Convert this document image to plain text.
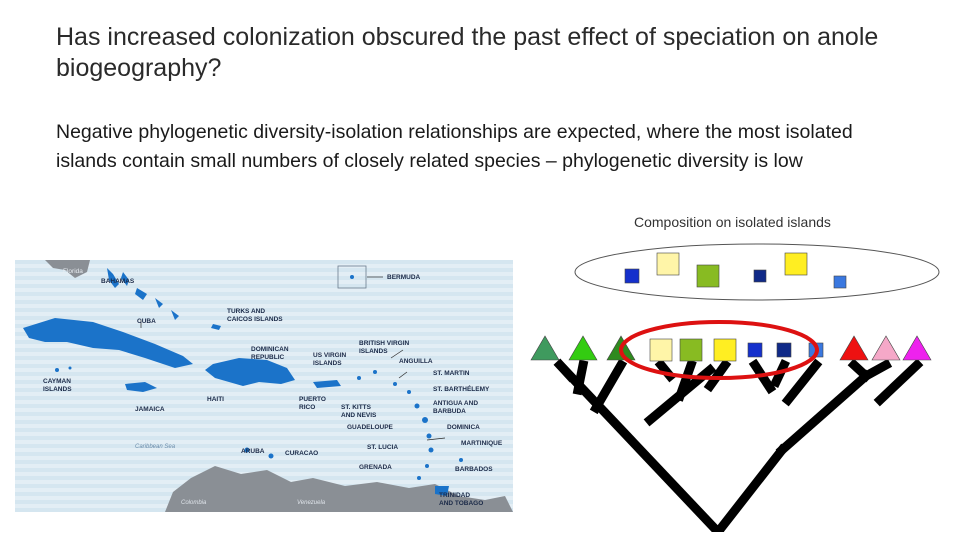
Has increased colonization obscured the past effect of speciation on anole biogeography?

Negative phylogenetic diversity-isolation relationships are expected, where the most isolated islands contain small numbers of closely related species – phylogenetic diversity is low

Composition on isolated islands
Florida
BAHAMAS
BERMUDA
TURKS AND
CAICOS ISLANDS
CUBA
DOMINICAN
REPUBLIC	US VIRGIN
ISLANDS
BRITISH VIRGIN
ISLANDS
ANGUILLA
ST. MARTIN
ST. BARTHÉLEMY
CAYMAN
ISLANDS
HAITI	PUERTO
RICO	ST. KITTS
AND NEVIS
ANTIGUA AND
BARBUDA
JAMAICA
GUADELOUPE	DOMINICA
MARTINIQUE
ST. LUCIA
ARUBA	CURACAO
GRENADA	BARBADOS
TRINIDAD
AND TOBAGO
Caribbean Sea
Colombia	Venezuela
